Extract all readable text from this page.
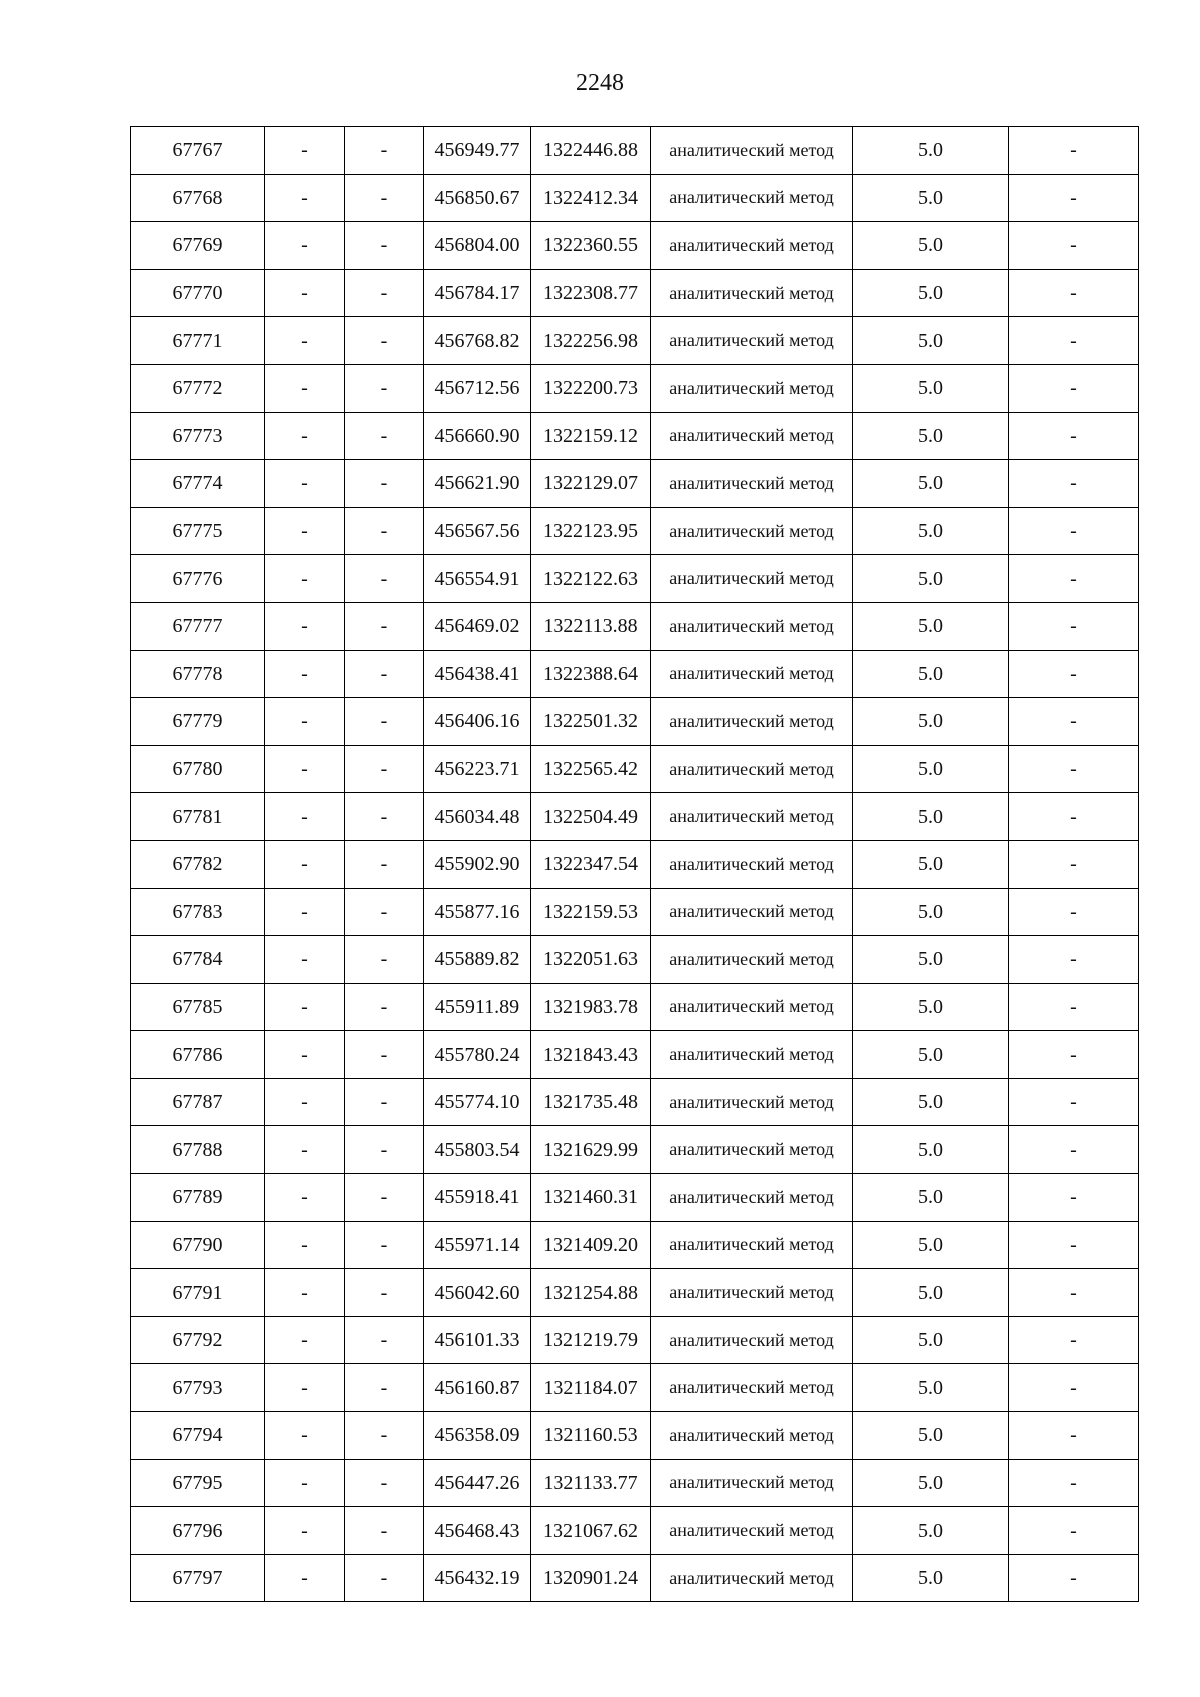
2248
67767	-	-	456949.77	1322446.88	аналитический метод	5.0	-
67768	-	-	456850.67	1322412.34	аналитический метод	5.0	-
67769	-	-	456804.00	1322360.55	аналитический метод	5.0	-
67770	-	-	456784.17	1322308.77	аналитический метод	5.0	-
67771	-	-	456768.82	1322256.98	аналитический метод	5.0	-
67772	-	-	456712.56	1322200.73	аналитический метод	5.0	-
67773	-	-	456660.90	1322159.12	аналитический метод	5.0	-
67774	-	-	456621.90	1322129.07	аналитический метод	5.0	-
67775	-	-	456567.56	1322123.95	аналитический метод	5.0	-
67776	-	-	456554.91	1322122.63	аналитический метод	5.0	-
67777	-	-	456469.02	1322113.88	аналитический метод	5.0	-
67778	-	-	456438.41	1322388.64	аналитический метод	5.0	-
67779	-	-	456406.16	1322501.32	аналитический метод	5.0	-
67780	-	-	456223.71	1322565.42	аналитический метод	5.0	-
67781	-	-	456034.48	1322504.49	аналитический метод	5.0	-
67782	-	-	455902.90	1322347.54	аналитический метод	5.0	-
67783	-	-	455877.16	1322159.53	аналитический метод	5.0	-
67784	-	-	455889.82	1322051.63	аналитический метод	5.0	-
67785	-	-	455911.89	1321983.78	аналитический метод	5.0	-
67786	-	-	455780.24	1321843.43	аналитический метод	5.0	-
67787	-	-	455774.10	1321735.48	аналитический метод	5.0	-
67788	-	-	455803.54	1321629.99	аналитический метод	5.0	-
67789	-	-	455918.41	1321460.31	аналитический метод	5.0	-
67790	-	-	455971.14	1321409.20	аналитический метод	5.0	-
67791	-	-	456042.60	1321254.88	аналитический метод	5.0	-
67792	-	-	456101.33	1321219.79	аналитический метод	5.0	-
67793	-	-	456160.87	1321184.07	аналитический метод	5.0	-
67794	-	-	456358.09	1321160.53	аналитический метод	5.0	-
67795	-	-	456447.26	1321133.77	аналитический метод	5.0	-
67796	-	-	456468.43	1321067.62	аналитический метод	5.0	-
67797	-	-	456432.19	1320901.24	аналитический метод	5.0	-
